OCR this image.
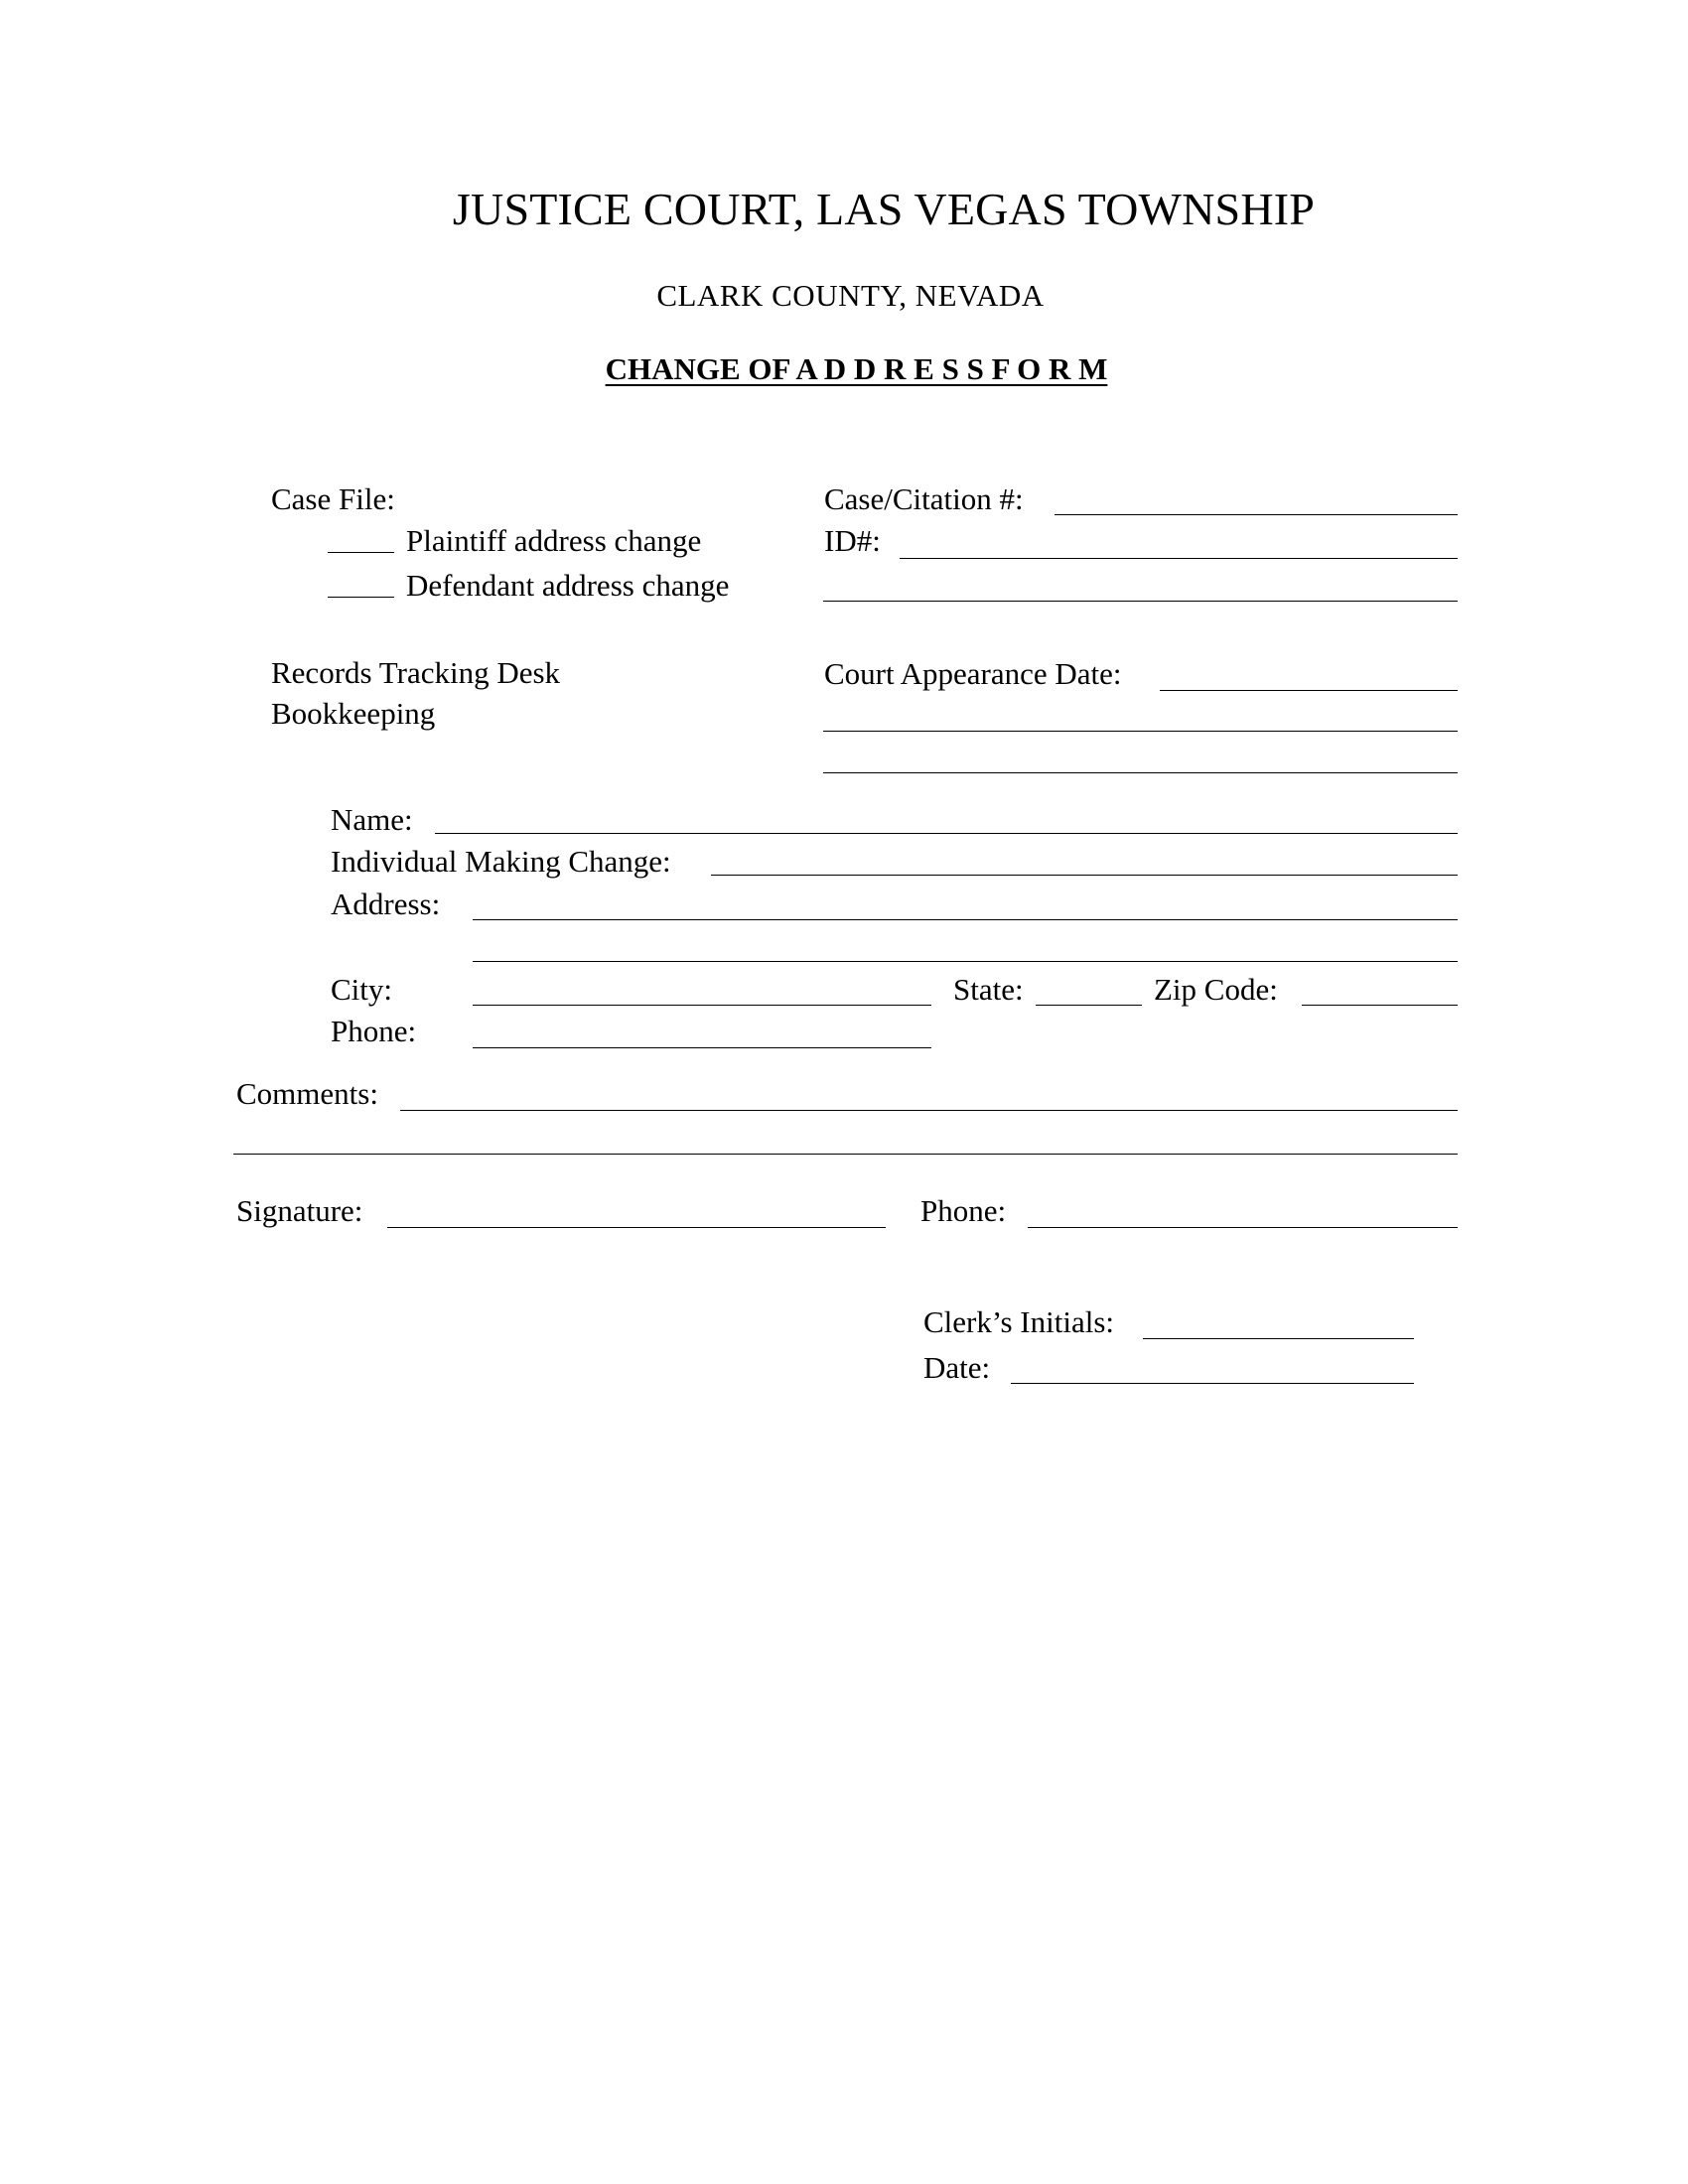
JUSTICE COURT, LAS VEGAS TOWNSHIP
CLARK COUNTY, NEVADA
CHANGE OF A D D R E S S F O R M
Case File:
Plaintiff address change
Defendant address change
Case/Citation #:
ID#:
Records Tracking Desk
Bookkeeping
Court Appearance Date:
Name:
Individual Making Change:
Address:
City:	State:	Zip Code:
Phone:
Comments:
Signature:	Phone:
Clerk’s Initials:
Date:
